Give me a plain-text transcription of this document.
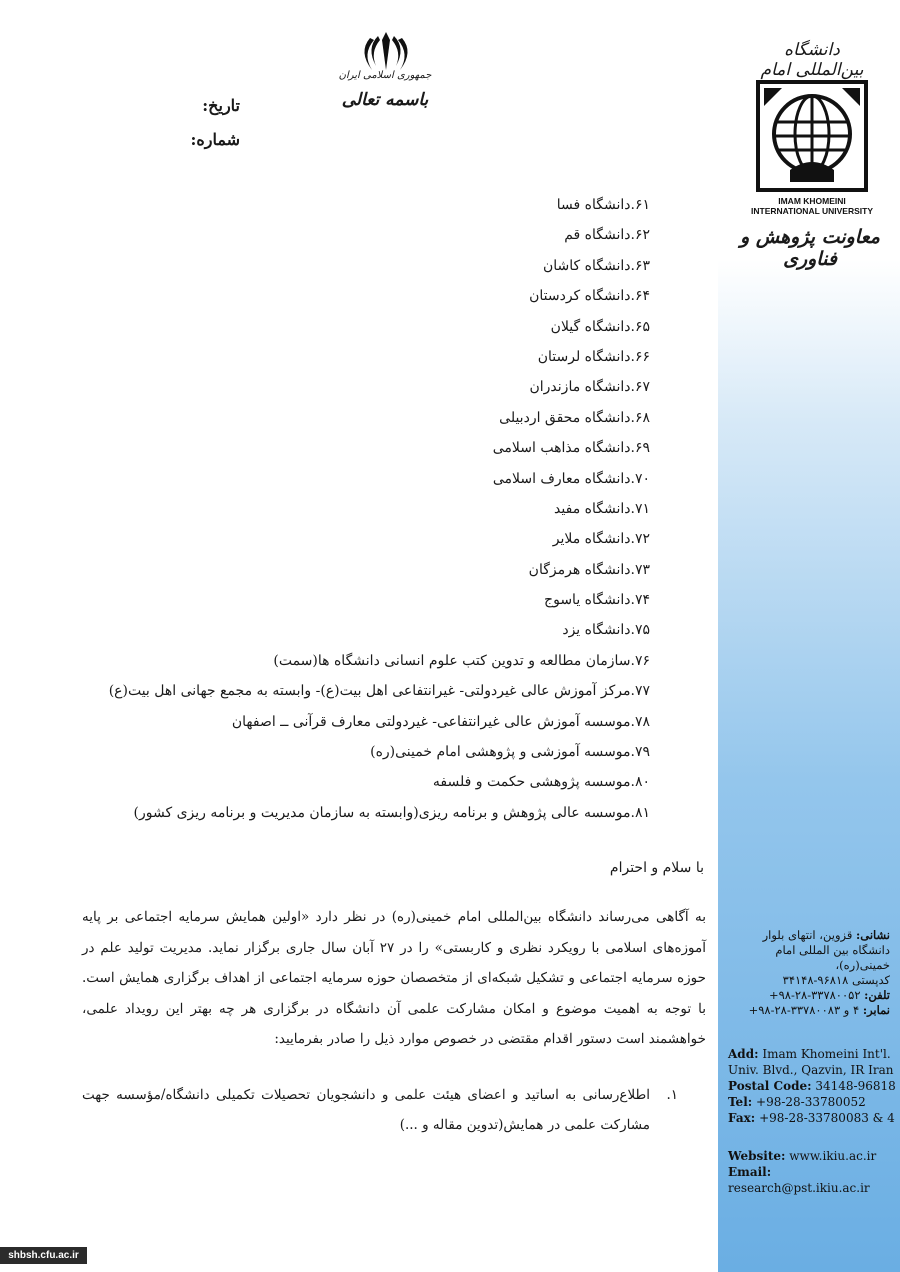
دانشگاه بین‌المللی امام
IMAM KHOMEINI INTERNATIONAL UNIVERSITY
معاونت پژوهش و فناوری
جمهوری اسلامی ایران
باسمه تعالی
تاریخ:
شماره:
۶۱.دانشگاه فسا
۶۲.دانشگاه قم
۶۳.دانشگاه کاشان
۶۴.دانشگاه کردستان
۶۵.دانشگاه گیلان
۶۶.دانشگاه لرستان
۶۷.دانشگاه مازندران
۶۸.دانشگاه محقق اردبیلی
۶۹.دانشگاه مذاهب اسلامی
۷۰.دانشگاه معارف اسلامی
۷۱.دانشگاه مفید
۷۲.دانشگاه ملایر
۷۳.دانشگاه هرمزگان
۷۴.دانشگاه یاسوج
۷۵.دانشگاه یزد
۷۶.سازمان مطالعه و تدوین کتب علوم انسانی دانشگاه ها(سمت)
۷۷.مرکز آموزش عالی غیردولتی- غیرانتفاعی اهل بیت(ع)- وابسته به مجمع جهانی اهل بیت(ع)
۷۸.موسسه آموزش عالی غیرانتفاعی- غیردولتی معارف قرآنی ــ اصفهان
۷۹.موسسه آموزشی و پژوهشی امام خمینی(ره)
۸۰.موسسه پژوهشی حکمت و فلسفه
۸۱.موسسه عالی پژوهش و برنامه ریزی(وابسته به سازمان مدیریت و برنامه ریزی کشور)
با سلام و احترام
به آگاهی می‌رساند دانشگاه بین‌المللی امام خمینی(ره) در نظر دارد «اولین همایش سرمایه اجتماعی بر پایه آموزه‌های اسلامی با رویکرد نظری و کاربستی» را در ۲۷ آبان سال جاری برگزار نماید. مدیریت تولید علم در حوزه سرمایه اجتماعی و تشکیل شبکه‌ای از متخصصان حوزه سرمایه اجتماعی از اهداف برگزاری همایش است. با توجه به اهمیت موضوع و امکان مشارکت علمی آن دانشگاه در برگزاری هر چه بهتر این رویداد علمی، خواهشمند است دستور اقدام مقتضی در خصوص موارد ذیل را صادر بفرمایید:
۱.
اطلاع‌رسانی به اساتید و اعضای هیئت علمی و دانشجویان تحصیلات تکمیلی دانشگاه/مؤسسه جهت مشارکت علمی در همایش(تدوین مقاله و ...)
نشانی: قزوین، انتهای بلوار دانشگاه بین المللی امام خمینی(ره)،
کدپستی ۹۶۸۱۸-۳۴۱۴۸
تلفن: ۳۳۷۸۰۰۵۲-۲۸-۹۸+
نمابر: ۴ و ۳۳۷۸۰۰۸۳-۲۸-۹۸+
Add: Imam Khomeini Int'l.
Univ. Blvd., Qazvin, IR Iran
Postal Code: 34148-96818
Tel: +98-28-33780052
Fax: +98-28-33780083 & 4
Website: www.ikiu.ac.ir
Email: research@pst.ikiu.ac.ir
shbsh.cfu.ac.ir
